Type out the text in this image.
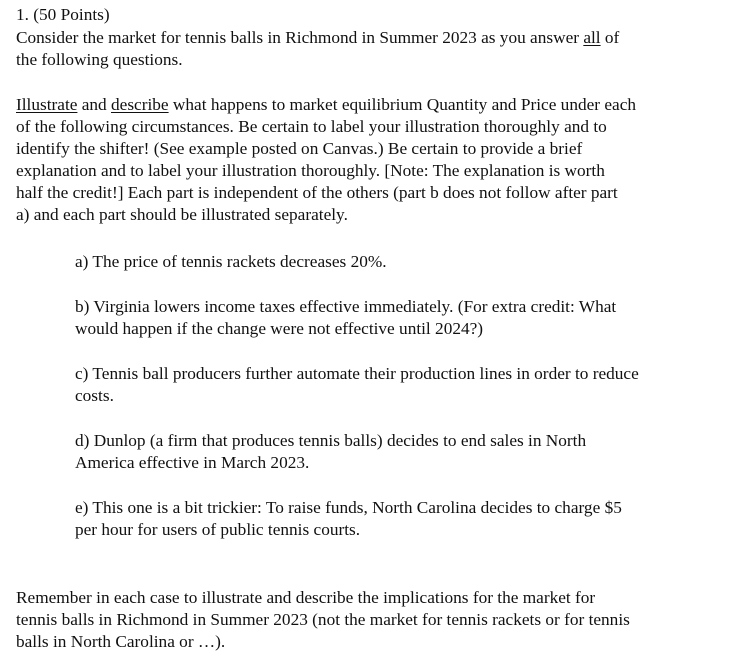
1. (50 Points)
Consider the market for tennis balls in Richmond in Summer 2023 as you answer all of
the following questions.
Illustrate and describe what happens to market equilibrium Quantity and Price under each
of the following circumstances. Be certain to label your illustration thoroughly and to
identify the shifter! (See example posted on Canvas.) Be certain to provide a brief
explanation and to label your illustration thoroughly. [Note: The explanation is worth
half the credit!] Each part is independent of the others (part b does not follow after part
a) and each part should be illustrated separately.
a) The price of tennis rackets decreases 20%.
b) Virginia lowers income taxes effective immediately. (For extra credit: What
would happen if the change were not effective until 2024?)
c) Tennis ball producers further automate their production lines in order to reduce
costs.
d) Dunlop (a firm that produces tennis balls) decides to end sales in North
America effective in March 2023.
e) This one is a bit trickier: To raise funds, North Carolina decides to charge $5
per hour for users of public tennis courts.
Remember in each case to illustrate and describe the implications for the market for
tennis balls in Richmond in Summer 2023 (not the market for tennis rackets or for tennis
balls in North Carolina or …).
